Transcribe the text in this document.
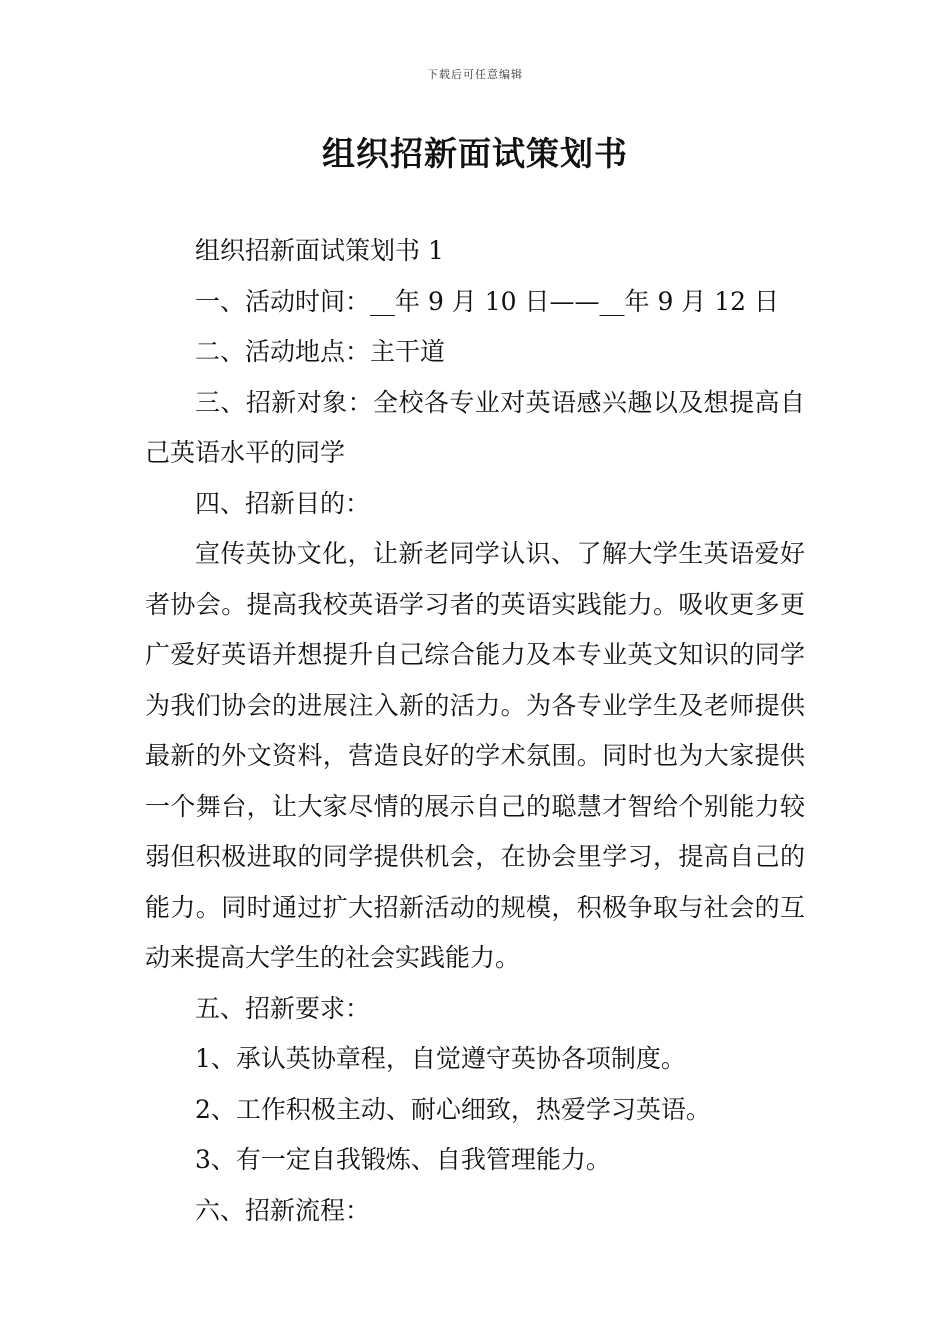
下载后可任意编辑
组织招新面试策划书

组织招新面试策划书 1

一、活动时间：__年 9 月 10 日——__年 9 月 12 日

二、活动地点：主干道

三、招新对象：全校各专业对英语感兴趣以及想提高自己英语水平的同学

四、招新目的：

宣传英协文化，让新老同学认识、了解大学生英语爱好者协会。提高我校英语学习者的英语实践能力。吸收更多更广爱好英语并想提升自己综合能力及本专业英文知识的同学为我们协会的进展注入新的活力。为各专业学生及老师提供最新的外文资料，营造良好的学术氛围。同时也为大家提供一个舞台，让大家尽情的展示自己的聪慧才智给个别能力较弱但积极进取的同学提供机会，在协会里学习，提高自己的能力。同时通过扩大招新活动的规模，积极争取与社会的互动来提高大学生的社会实践能力。

五、招新要求：

1、承认英协章程，自觉遵守英协各项制度。

2、工作积极主动、耐心细致，热爱学习英语。

3、有一定自我锻炼、自我管理能力。

六、招新流程：
